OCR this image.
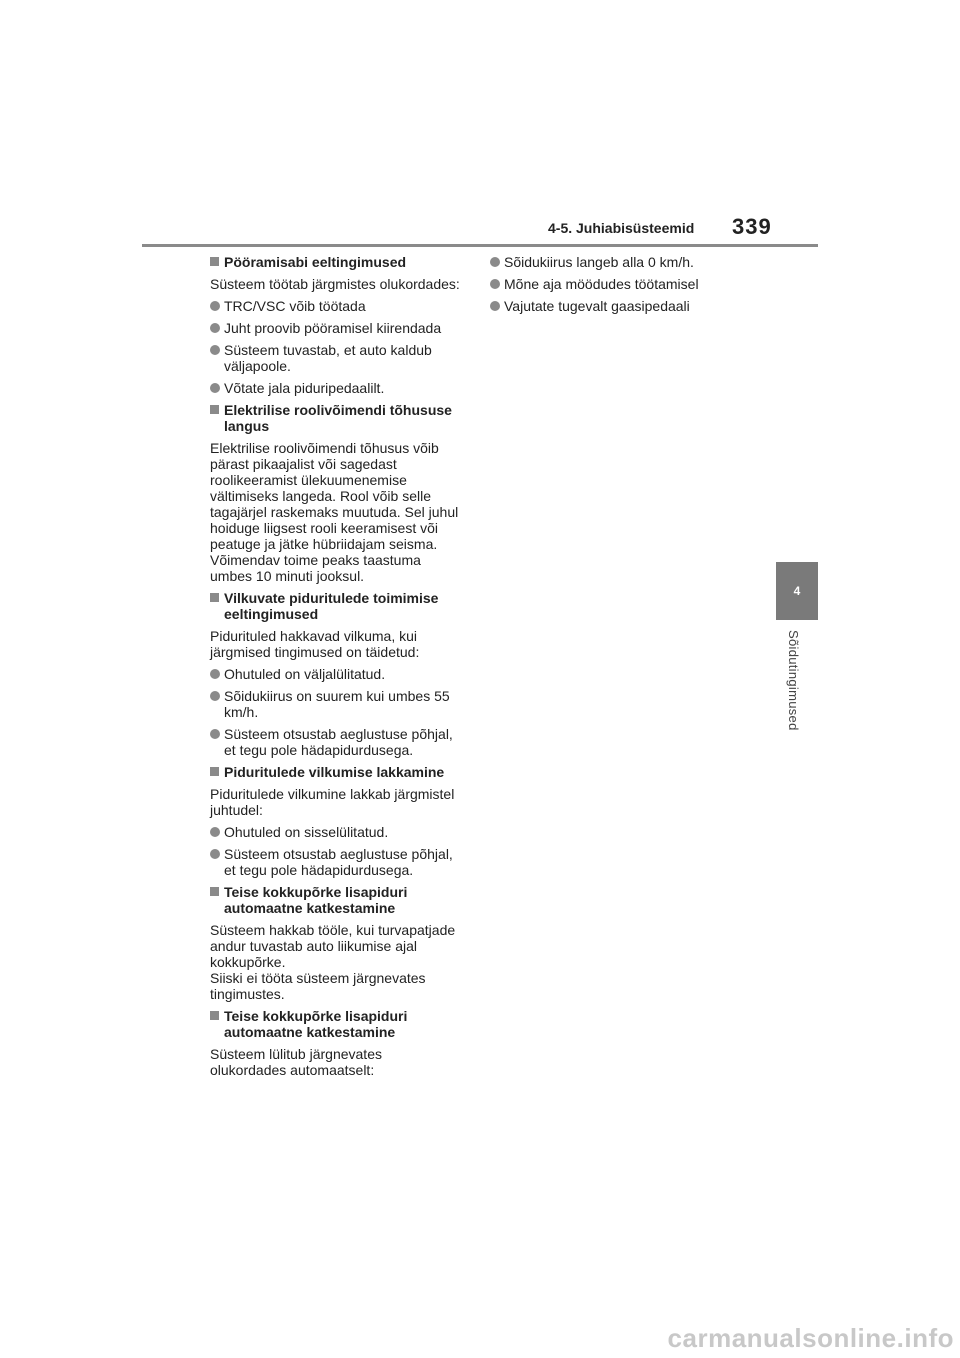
4-5. Juhiabisüsteemid 339
4
Sõidutingimused
Pööramisabi eeltingimused
Süsteem töötab järgmistes olukordades:
TRC/VSC võib töötada
Juht proovib pööramisel kiirendada
Süsteem tuvastab, et auto kaldub
väljapoole.
Võtate jala piduripedaalilt.
Elektrilise roolivõimendi tõhususe
langus
Elektrilise roolivõimendi tõhusus võib
pärast pikaajalist või sagedast
roolikeeramist ülekuumenemise
vältimiseks langeda. Rool võib selle
tagajärjel raskemaks muutuda. Sel juhul
hoiduge liigsest rooli keeramisest või
peatuge ja jätke hübriidajam seisma.
Võimendav toime peaks taastuma
umbes 10 minuti jooksul.
Vilkuvate piduritulede toimimise
eeltingimused
Pidurituled hakkavad vilkuma, kui
järgmised tingimused on täidetud:
Ohutuled on väljalülitatud.
Sõidukiirus on suurem kui umbes 55
km/h.
Süsteem otsustab aeglustuse põhjal,
et tegu pole hädapidurdusega.
Piduritulede vilkumise lakkamine
Piduritulede vilkumine lakkab järgmistel
juhtudel:
Ohutuled on sisselülitatud.
Süsteem otsustab aeglustuse põhjal,
et tegu pole hädapidurdusega.
Teise kokkupõrke lisapiduri
automaatne katkestamine
Süsteem hakkab tööle, kui turvapatjade
andur tuvastab auto liikumise ajal
kokkupõrke.
Siiski ei tööta süsteem järgnevates
tingimustes.
Teise kokkupõrke lisapiduri
automaatne katkestamine
Süsteem lülitub järgnevates
olukordades automaatselt:
Sõidukiirus langeb alla 0 km/h.
Mõne aja möödudes töötamisel
Vajutate tugevalt gaasipedaali
carmanualsonline.info
